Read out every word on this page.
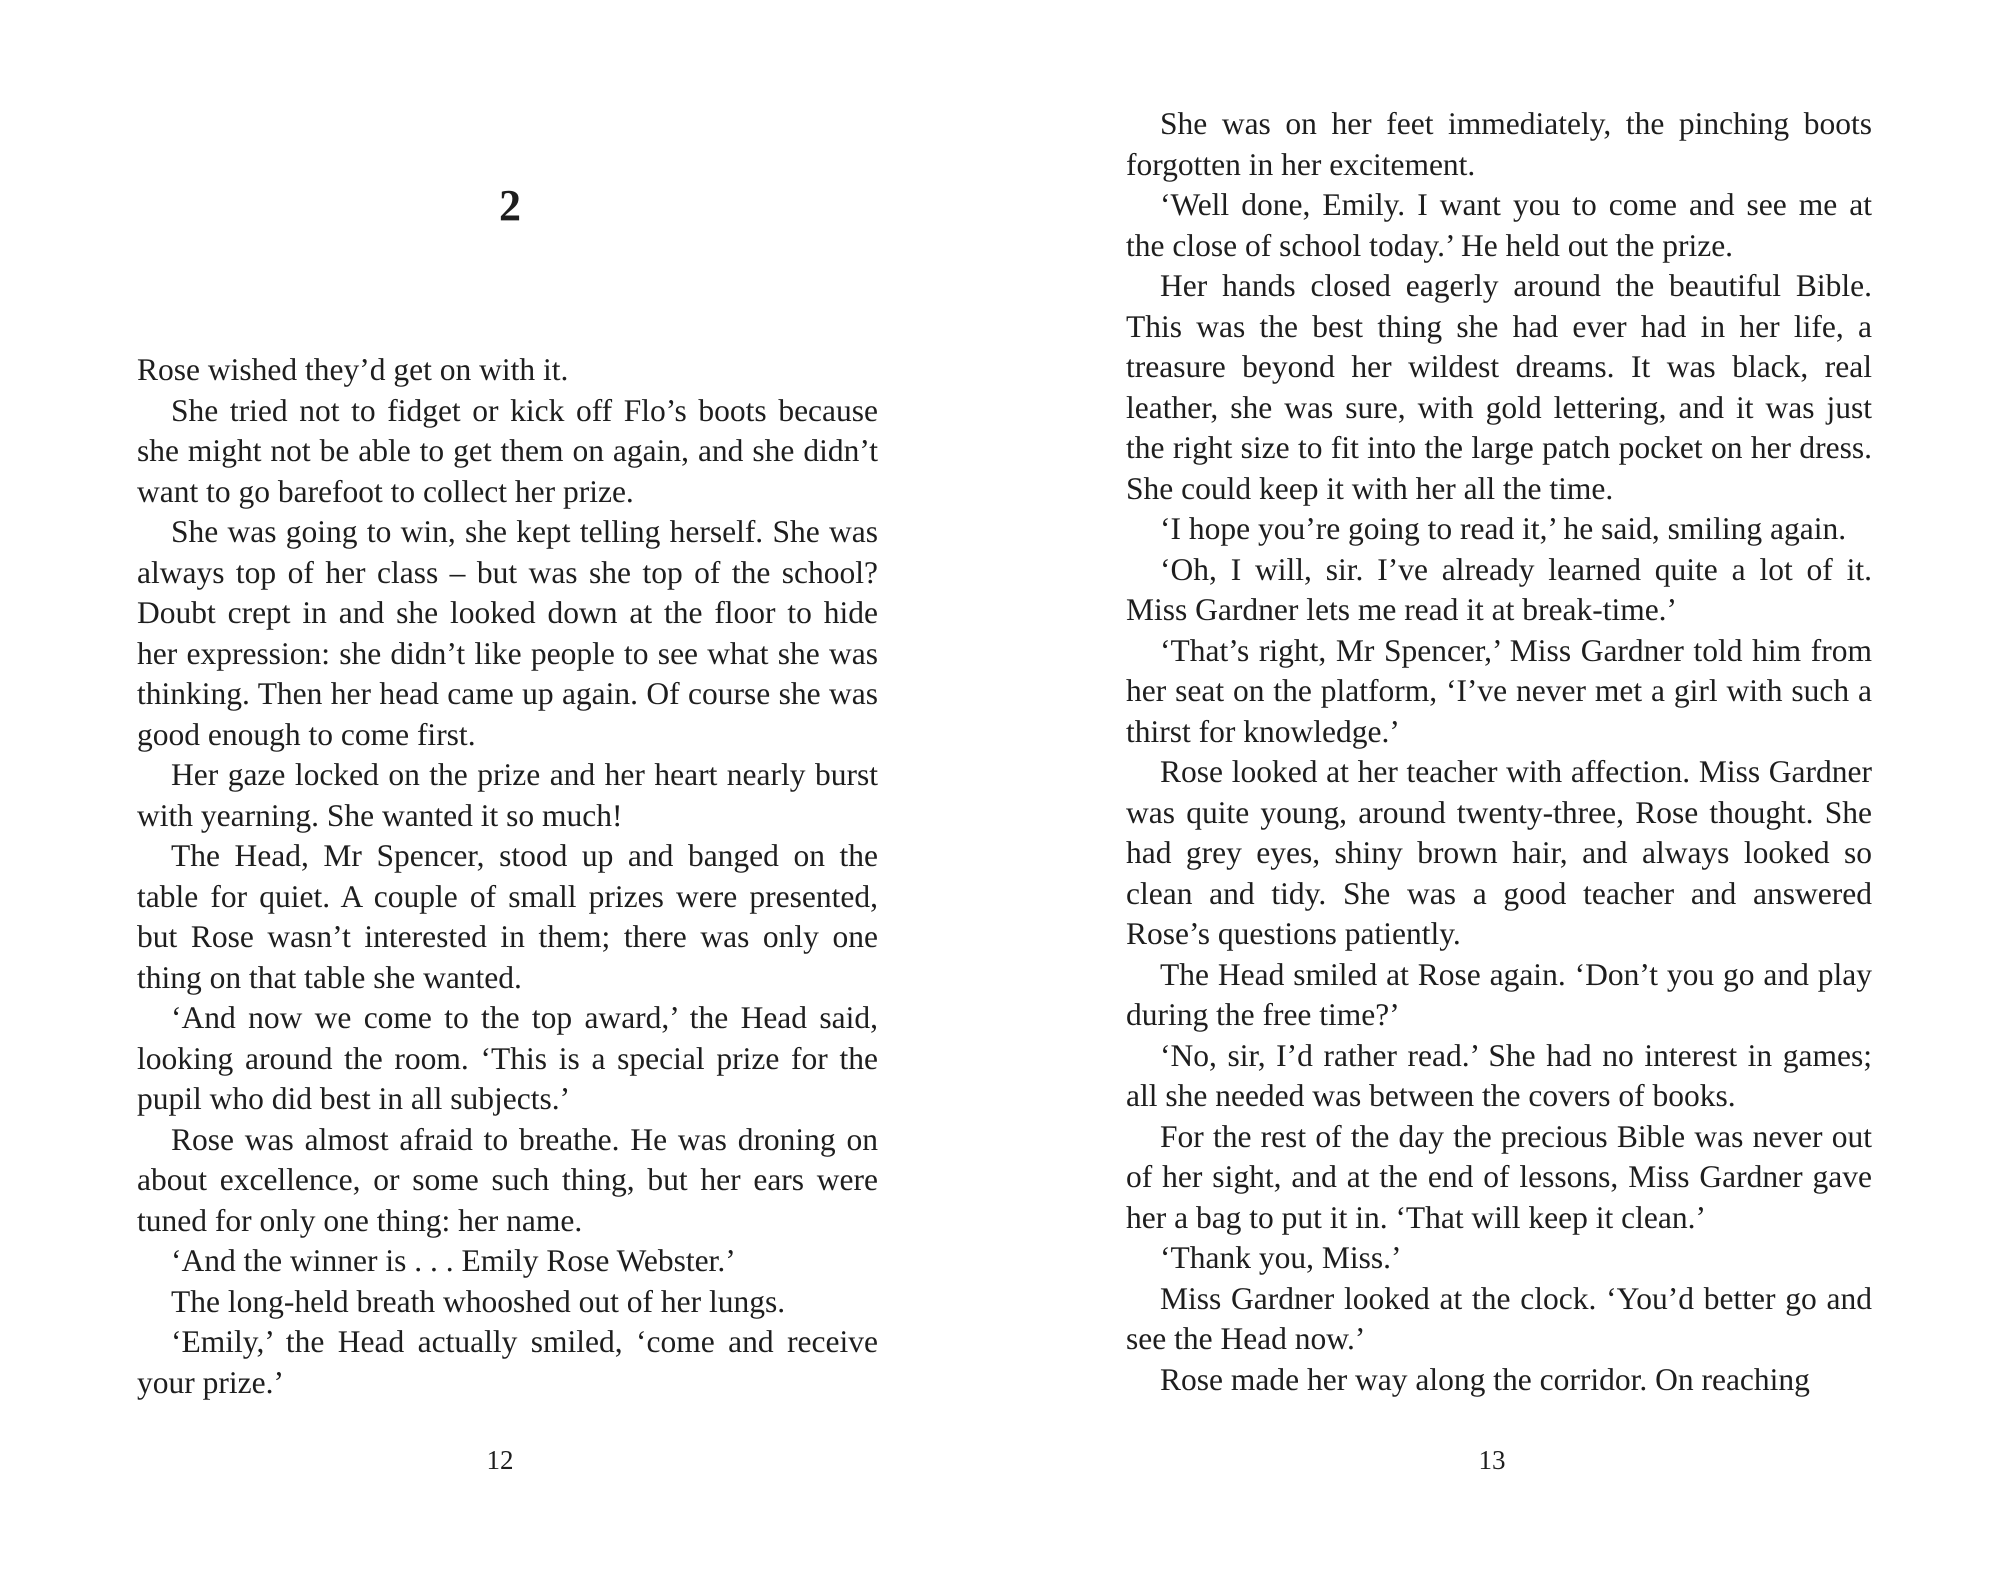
2

Rose wished they’d get on with it.

She tried not to fidget or kick off Flo’s boots because she might not be able to get them on again, and she didn’t want to go barefoot to collect her prize.

She was going to win, she kept telling herself. She was always top of her class – but was she top of the school? Doubt crept in and she looked down at the floor to hide her expression: she didn’t like people to see what she was thinking. Then her head came up again. Of course she was good enough to come first.

Her gaze locked on the prize and her heart nearly burst with yearning. She wanted it so much!

The Head, Mr Spencer, stood up and banged on the table for quiet. A couple of small prizes were presented, but Rose wasn’t interested in them; there was only one thing on that table she wanted.

‘And now we come to the top award,’ the Head said, looking around the room. ‘This is a special prize for the pupil who did best in all subjects.’

Rose was almost afraid to breathe. He was droning on about excellence, or some such thing, but her ears were tuned for only one thing: her name.

‘And the winner is . . . Emily Rose Webster.’

The long-held breath whooshed out of her lungs.

‘Emily,’ the Head actually smiled, ‘come and receive your prize.’

12

She was on her feet immediately, the pinching boots forgotten in her excitement.

‘Well done, Emily. I want you to come and see me at the close of school today.’ He held out the prize.

Her hands closed eagerly around the beautiful Bible. This was the best thing she had ever had in her life, a treasure beyond her wildest dreams. It was black, real leather, she was sure, with gold lettering, and it was just the right size to fit into the large patch pocket on her dress. She could keep it with her all the time.

‘I hope you’re going to read it,’ he said, smiling again.

‘Oh, I will, sir. I’ve already learned quite a lot of it. Miss Gardner lets me read it at break-time.’

‘That’s right, Mr Spencer,’ Miss Gardner told him from her seat on the platform, ‘I’ve never met a girl with such a thirst for knowledge.’

Rose looked at her teacher with affection. Miss Gardner was quite young, around twenty-three, Rose thought. She had grey eyes, shiny brown hair, and always looked so clean and tidy. She was a good teacher and answered Rose’s questions patiently.

The Head smiled at Rose again. ‘Don’t you go and play during the free time?’

‘No, sir, I’d rather read.’ She had no interest in games; all she needed was between the covers of books.

For the rest of the day the precious Bible was never out of her sight, and at the end of lessons, Miss Gardner gave her a bag to put it in. ‘That will keep it clean.’

‘Thank you, Miss.’

Miss Gardner looked at the clock. ‘You’d better go and see the Head now.’

Rose made her way along the corridor. On reaching

13
